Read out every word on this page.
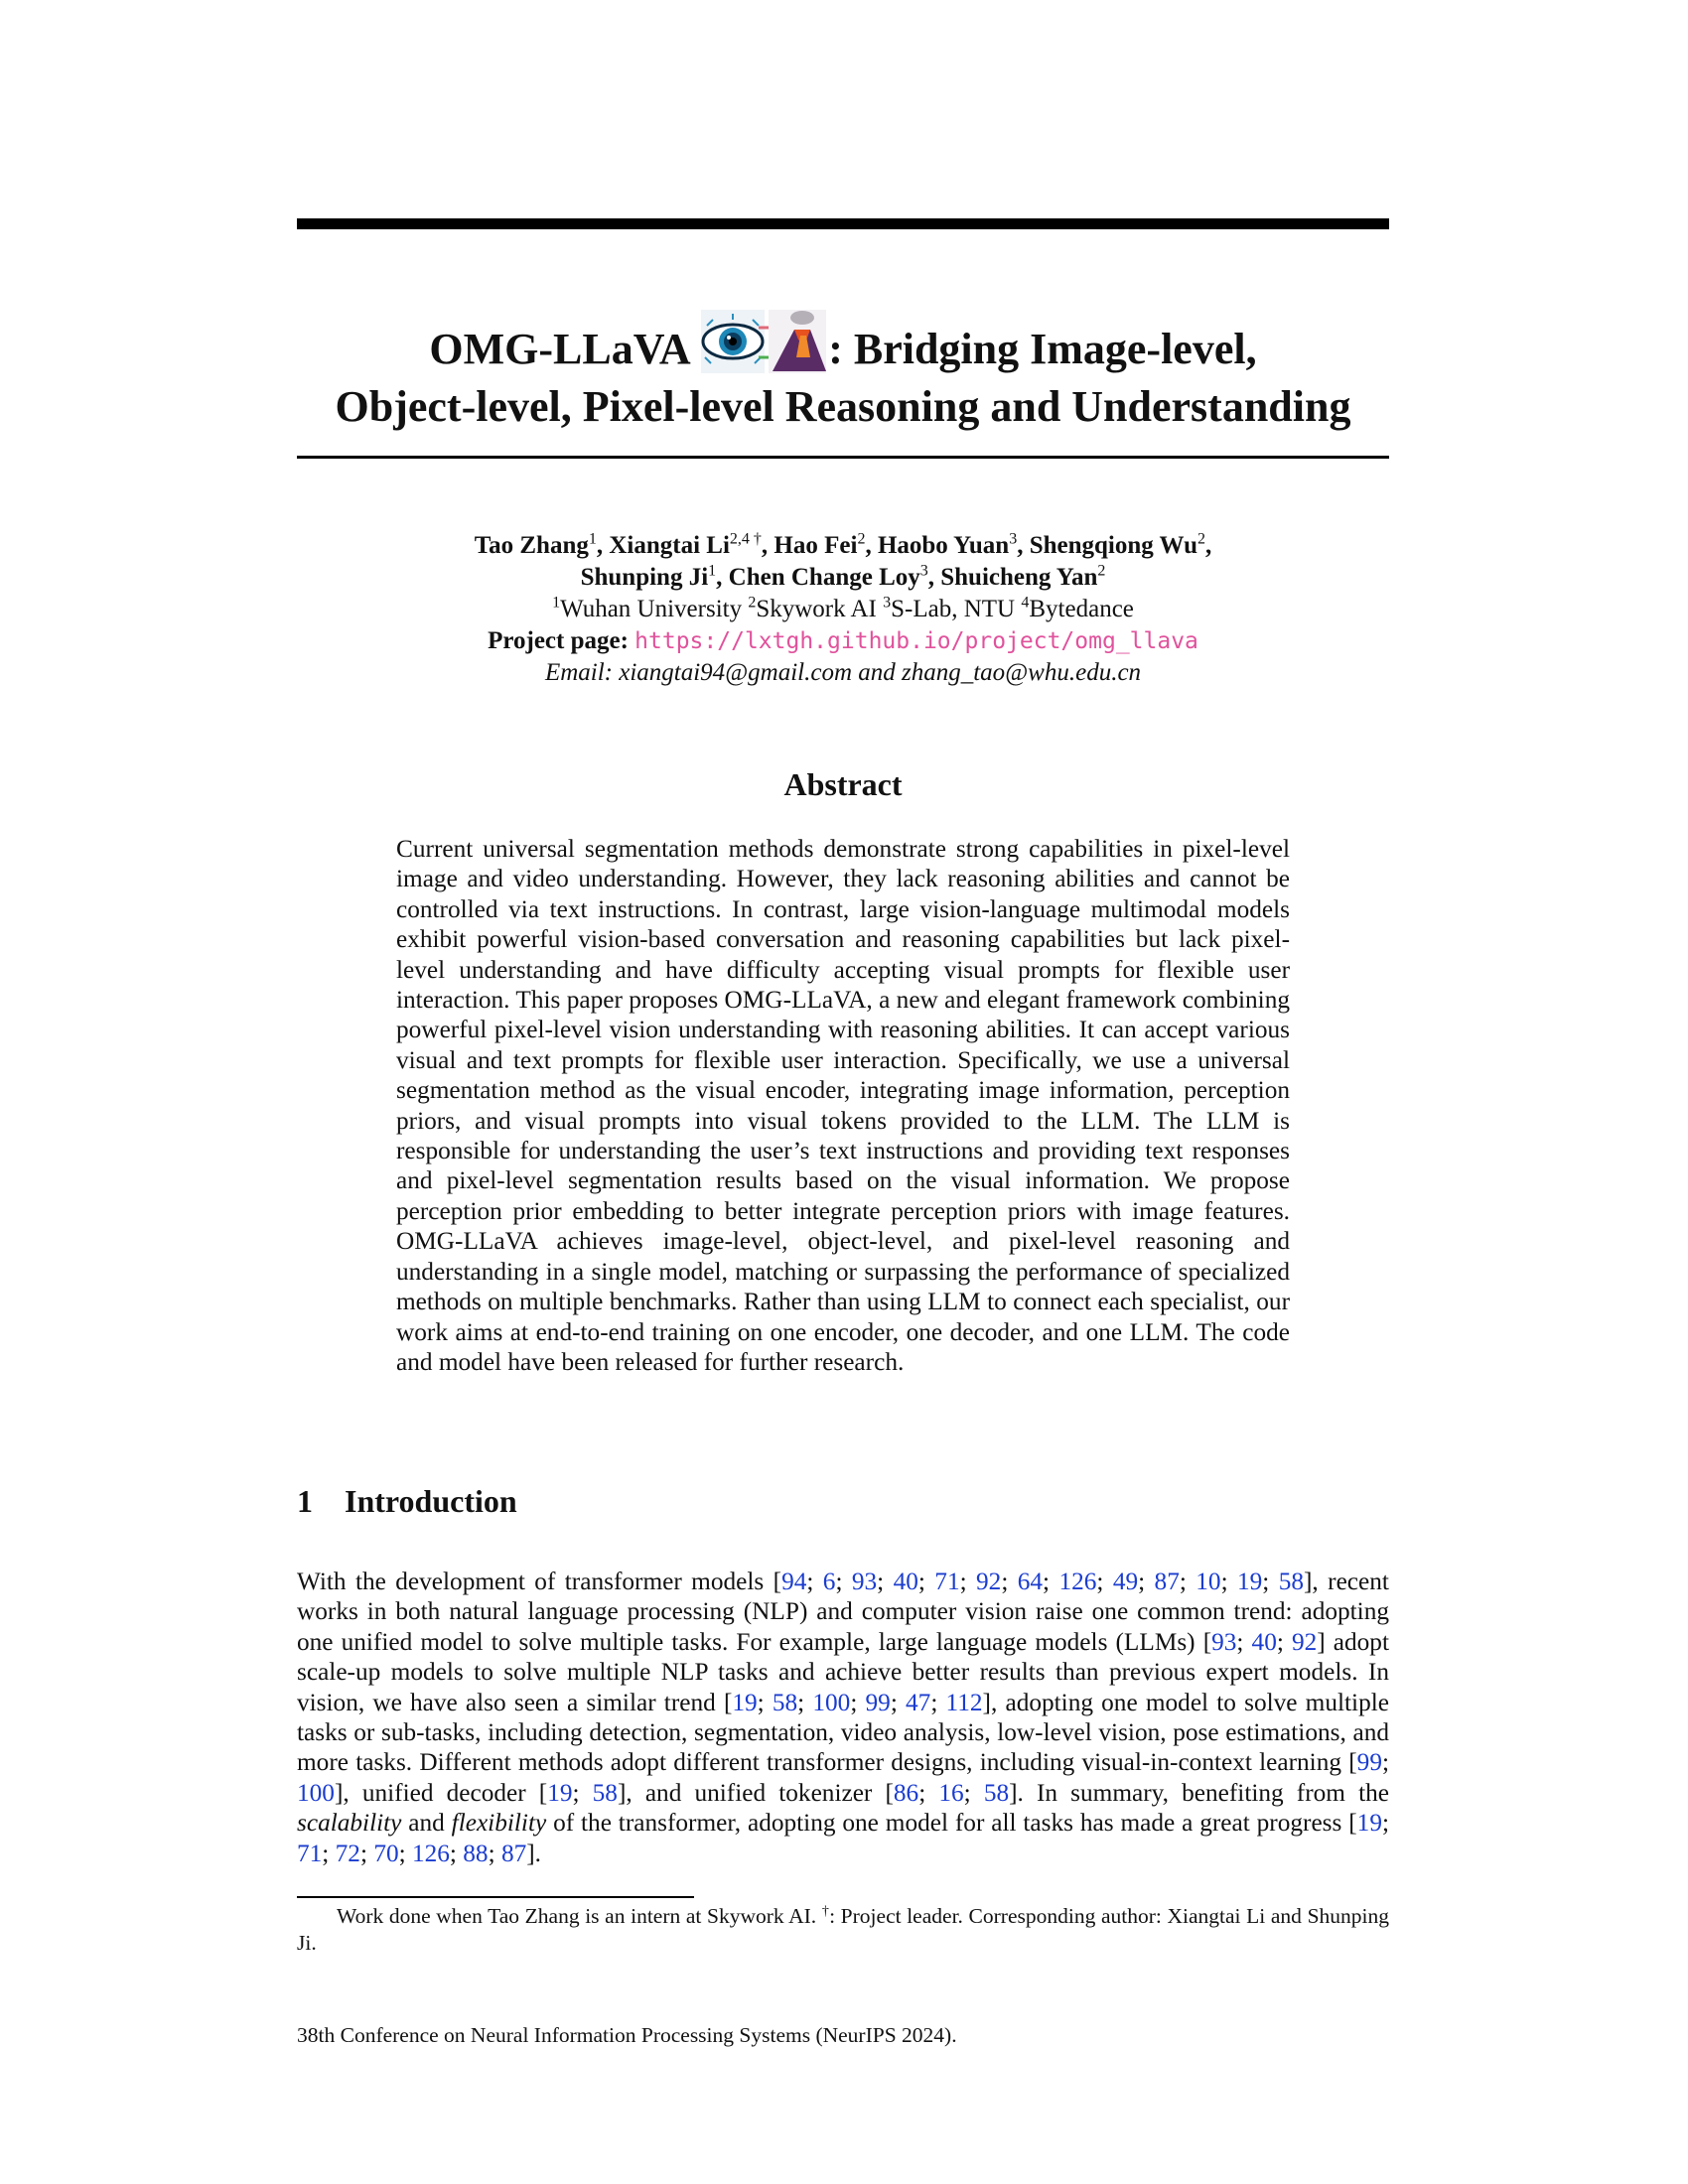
OMG-LLaVA	: Bridging Image-level,
Object-level, Pixel-level Reasoning and Understanding
Tao Zhang$^1$, Xiangtai Li$^{2,4}$ †, Hao Fei$^2$, Haobo Yuan$^3$, Shengqiong Wu$^2$,
Shunping Ji$^1$, Chen Change Loy$^3$, Shuicheng Yan$^2$
$^1$Wuhan University $^2$Skywork AI $^3$S-Lab, NTU $^4$Bytedance
Project page: https://lxtgh.github.io/project/omg_llava
Email: xiangtai94@gmail.com and zhang_tao@whu.edu.cn
Abstract
Current universal segmentation methods demonstrate strong capabilities in pixel-level image and video understanding. However, they lack reasoning abilities and cannot be controlled via text instructions. In contrast, large vision-language multimodal models exhibit powerful vision-based conversation and reasoning capabilities but lack pixel-level understanding and have difficulty accepting visual prompts for flexible user interaction. This paper proposes OMG-LLaVA, a new and elegant framework combining powerful pixel-level vision understanding with reasoning abilities. It can accept various visual and text prompts for flexible user interaction. Specifically, we use a universal segmentation method as the visual encoder, integrating image information, perception priors, and visual prompts into visual tokens provided to the LLM. The LLM is responsible for understanding the user’s text instructions and providing text responses and pixel-level segmentation results based on the visual information. We propose perception prior embedding to better integrate perception priors with image features. OMG-LLaVA achieves image-level, object-level, and pixel-level reasoning and understanding in a single model, matching or surpassing the performance of specialized methods on multiple benchmarks. Rather than using LLM to connect each specialist, our work aims at end-to-end training on one encoder, one decoder, and one LLM. The code and model have been released for further research.
1 Introduction
With the development of transformer models [94; 6; 93; 40; 71; 92; 64; 126; 49; 87; 10; 19; 58], recent works in both natural language processing (NLP) and computer vision raise one common trend: adopting one unified model to solve multiple tasks. For example, large language models (LLMs) [93; 40; 92] adopt scale-up models to solve multiple NLP tasks and achieve better results than previous expert models. In vision, we have also seen a similar trend [19; 58; 100; 99; 47; 112], adopting one model to solve multiple tasks or sub-tasks, including detection, segmentation, video analysis, low-level vision, pose estimations, and more tasks. Different methods adopt different transformer designs, including visual-in-context learning [99; 100], unified decoder [19; 58], and unified tokenizer [86; 16; 58]. In summary, benefiting from the scalability and flexibility of the transformer, adopting one model for all tasks has made a great progress [19; 71; 72; 70; 126; 88; 87].
Work done when Tao Zhang is an intern at Skywork AI. †: Project leader. Corresponding author: Xiangtai Li and Shunping Ji.
38th Conference on Neural Information Processing Systems (NeurIPS 2024).
